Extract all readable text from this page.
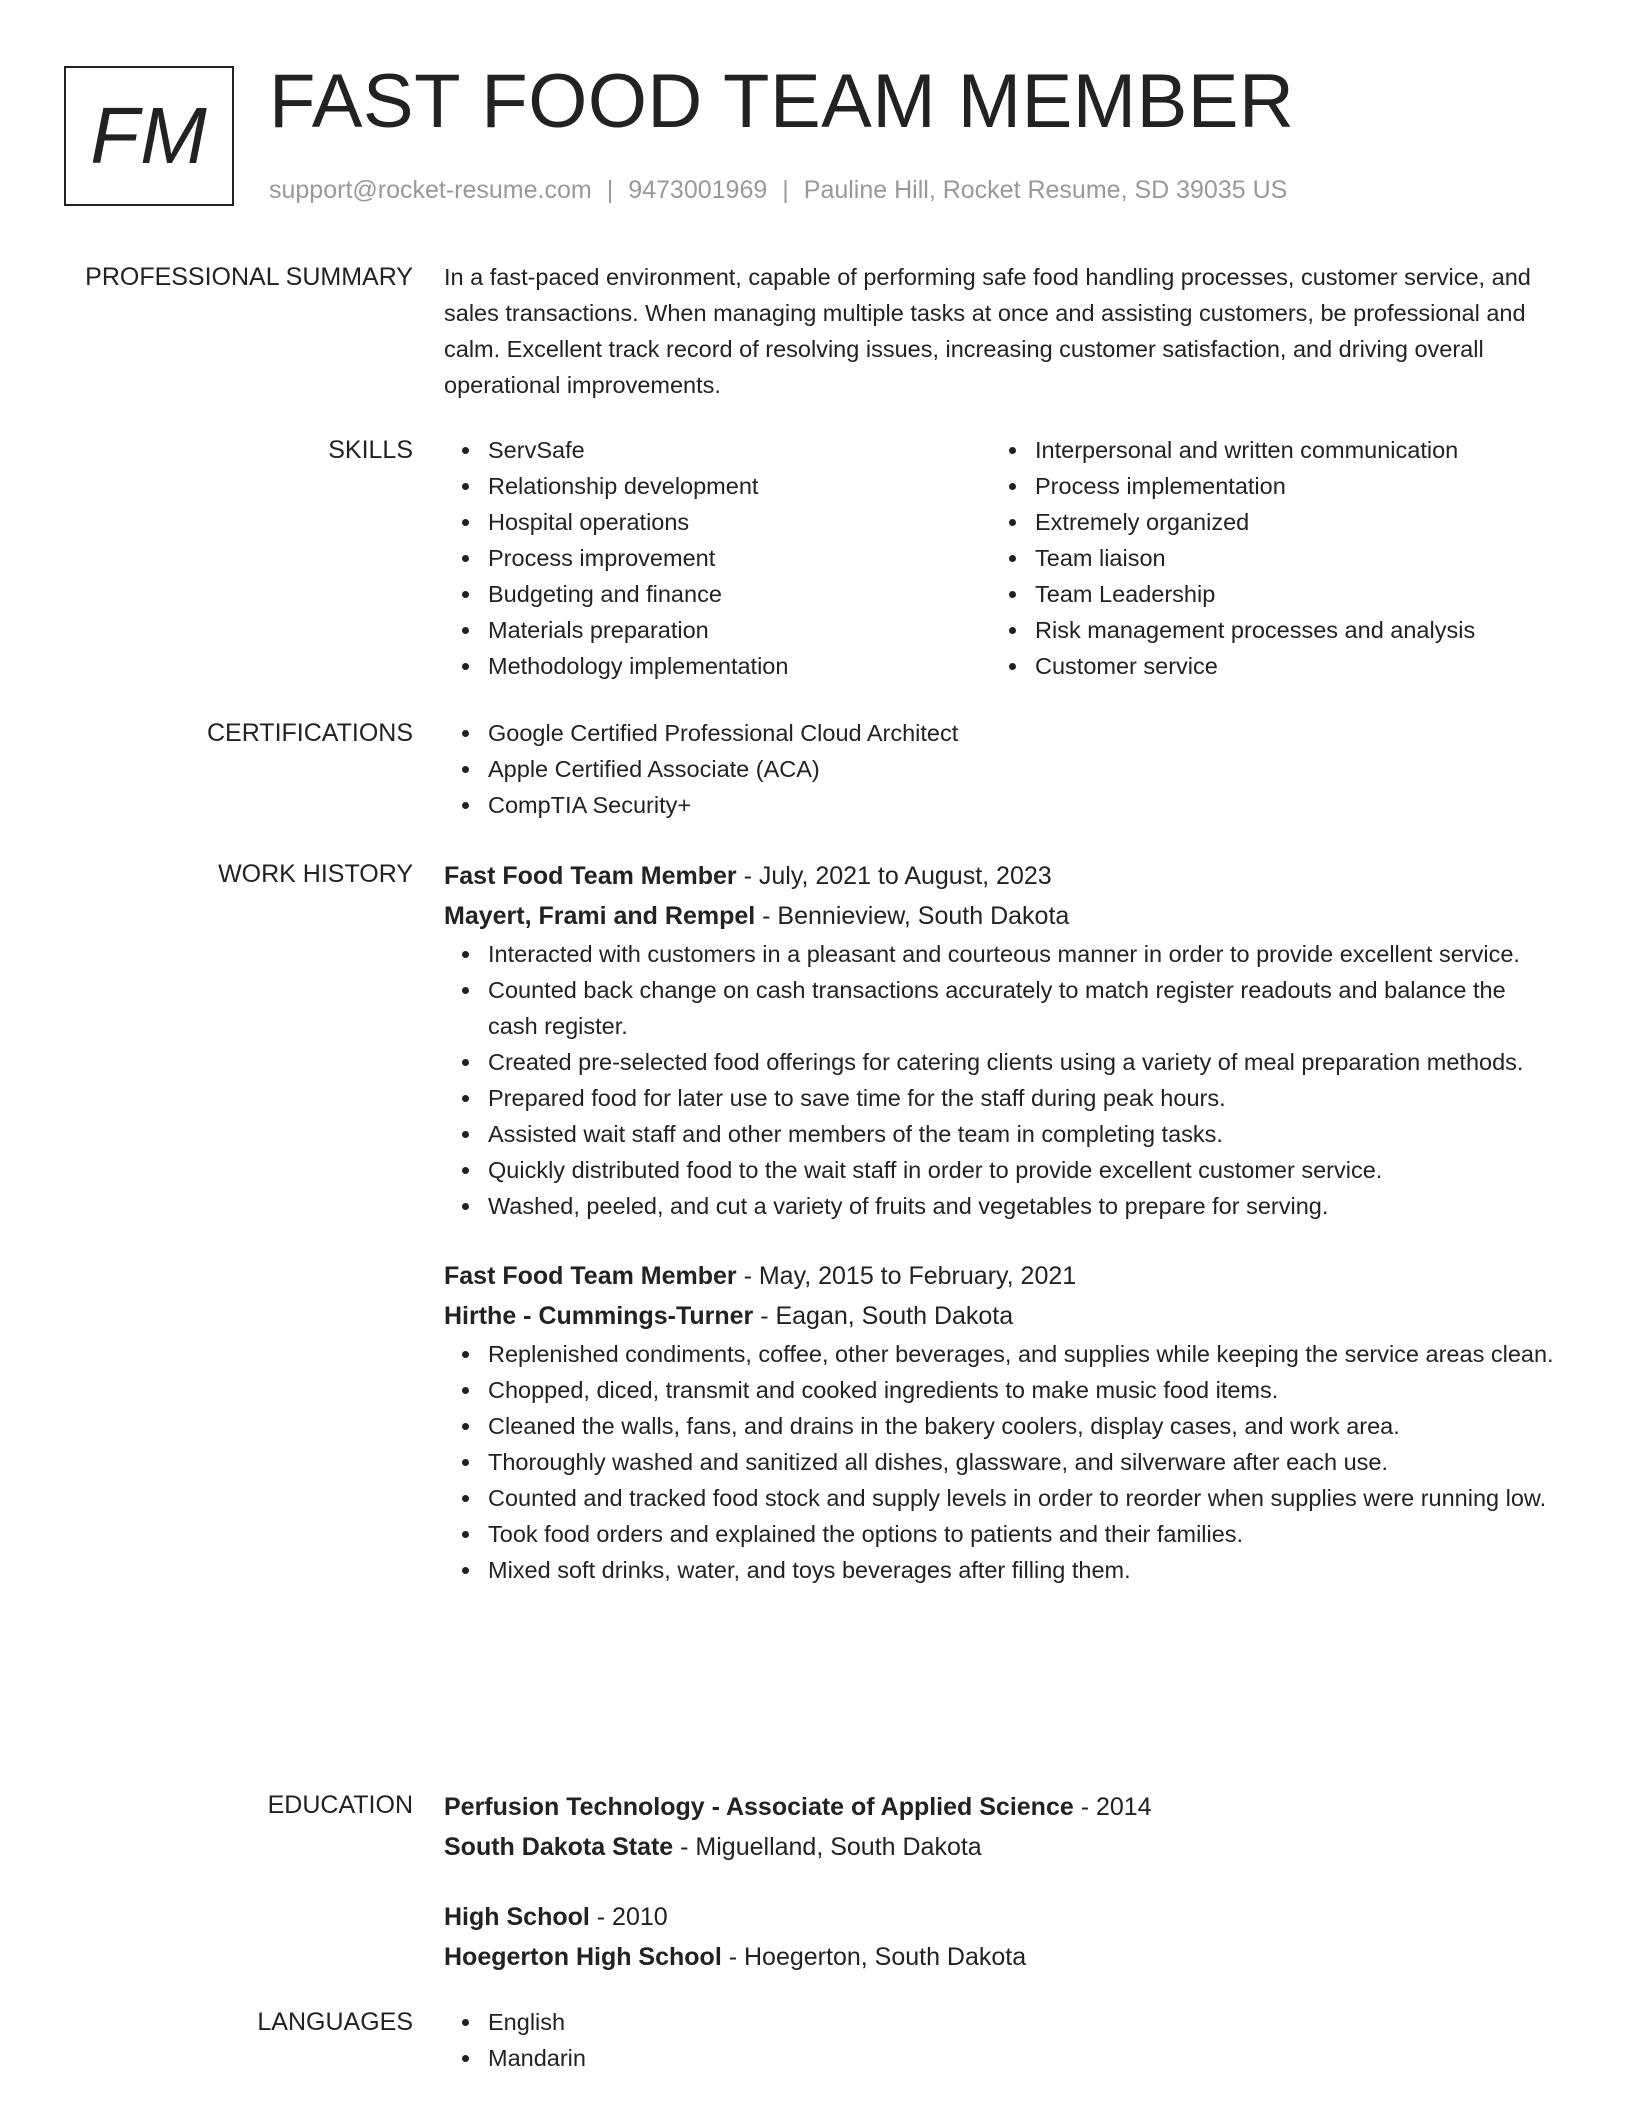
FM FAST FOOD TEAM MEMBER
support@rocket-resume.com | 9473001969 | Pauline Hill, Rocket Resume, SD 39035 US
PROFESSIONAL SUMMARY In a fast-paced environment, capable of performing safe food handling processes, customer service, and sales transactions. When managing multiple tasks at once and assisting customers, be professional and calm. Excellent track record of resolving issues, increasing customer satisfaction, and driving overall operational improvements.

SKILLS	ServSafe
Relationship development
Hospital operations
Process improvement
Budgeting and finance
Materials preparation
Methodology implementation
Interpersonal and written communication
Process implementation
Extremely organized
Team liaison
Team Leadership
Risk management processes and analysis
Customer service
CERTIFICATIONS	Google Certified Professional Cloud Architect
Apple Certified Associate (ACA)
CompTIA Security+
WORK HISTORY Fast Food Team Member - July, 2021 to August, 2023
Mayert, Frami and Rempel - Bennieview, South Dakota
Interacted with customers in a pleasant and courteous manner in order to provide excellent service.
Counted back change on cash transactions accurately to match register readouts and balance the cash register.
Created pre-selected food offerings for catering clients using a variety of meal preparation methods.
Prepared food for later use to save time for the staff during peak hours.
Assisted wait staff and other members of the team in completing tasks.
Quickly distributed food to the wait staff in order to provide excellent customer service.
Washed, peeled, and cut a variety of fruits and vegetables to prepare for serving.
Fast Food Team Member - May, 2015 to February, 2021
Hirthe - Cummings-Turner - Eagan, South Dakota
Replenished condiments, coffee, other beverages, and supplies while keeping the service areas clean.
Chopped, diced, transmit and cooked ingredients to make music food items.
Cleaned the walls, fans, and drains in the bakery coolers, display cases, and work area.
Thoroughly washed and sanitized all dishes, glassware, and silverware after each use.
Counted and tracked food stock and supply levels in order to reorder when supplies were running low.
Took food orders and explained the options to patients and their families.
Mixed soft drinks, water, and toys beverages after filling them.
EDUCATION Perfusion Technology - Associate of Applied Science - 2014
South Dakota State - Miguelland, South Dakota
High School - 2010
Hoegerton High School - Hoegerton, South Dakota
LANGUAGES	English
Mandarin
